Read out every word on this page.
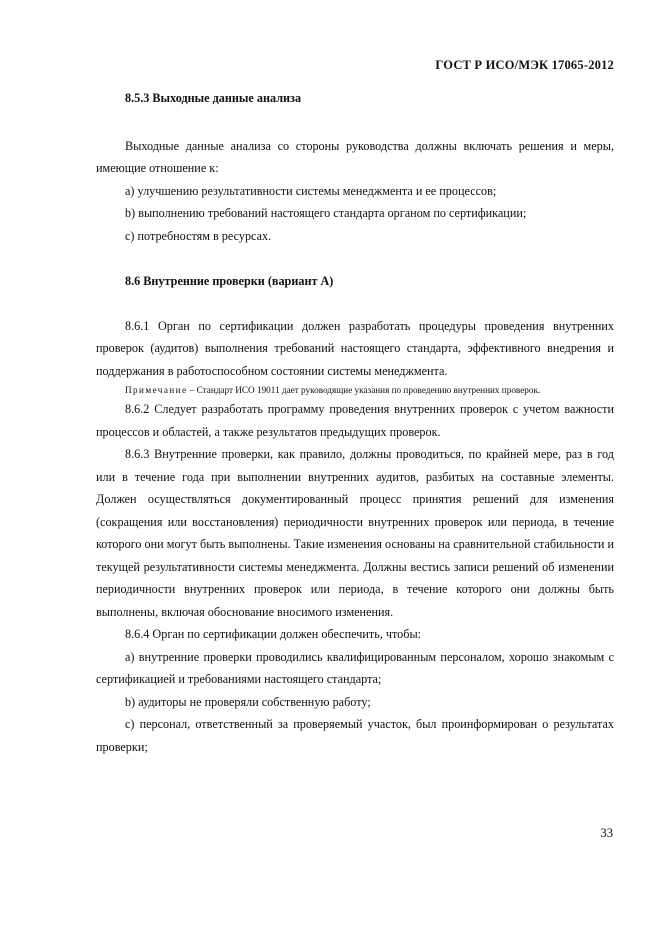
ГОСТ Р ИСО/МЭК 17065-2012

8.5.3 Выходные данные анализа

Выходные данные анализа со стороны руководства должны включать решения и меры, имеющие отношение к:

a) улучшению результативности системы менеджмента и ее процессов;

b) выполнению требований настоящего стандарта органом по сертификации;

c) потребностям в ресурсах.

8.6 Внутренние проверки (вариант А)

8.6.1 Орган по сертификации должен разработать процедуры проведения внутренних проверок (аудитов) выполнения требований настоящего стандарта, эффективного внедрения и поддержания в работоспособном состоянии системы менеджмента.

Примечание – Стандарт ИСО 19011 дает руководящие указания по проведению внутренних проверок.

8.6.2 Следует разработать программу проведения внутренних проверок с учетом важности процессов и областей, а также результатов предыдущих проверок.

8.6.3 Внутренние проверки, как правило, должны проводиться, по крайней мере, раз в год или в течение года при выполнении внутренних аудитов, разбитых на составные элементы. Должен осуществляться документированный процесс принятия решений для изменения (сокращения или восстановления) периодичности внутренних проверок или периода, в течение которого они могут быть выполнены. Такие изменения основаны на сравнительной стабильности и текущей результативности системы менеджмента. Должны вестись записи решений об изменении периодичности внутренних проверок или периода, в течение которого они должны быть выполнены, включая обоснование вносимого изменения.

8.6.4 Орган по сертификации должен обеспечить, чтобы:

a) внутренние проверки проводились квалифицированным персоналом, хорошо знакомым с сертификацией и требованиями настоящего стандарта;

b) аудиторы не проверяли собственную работу;

c) персонал, ответственный за проверяемый участок, был проинформирован о результатах проверки;

33
